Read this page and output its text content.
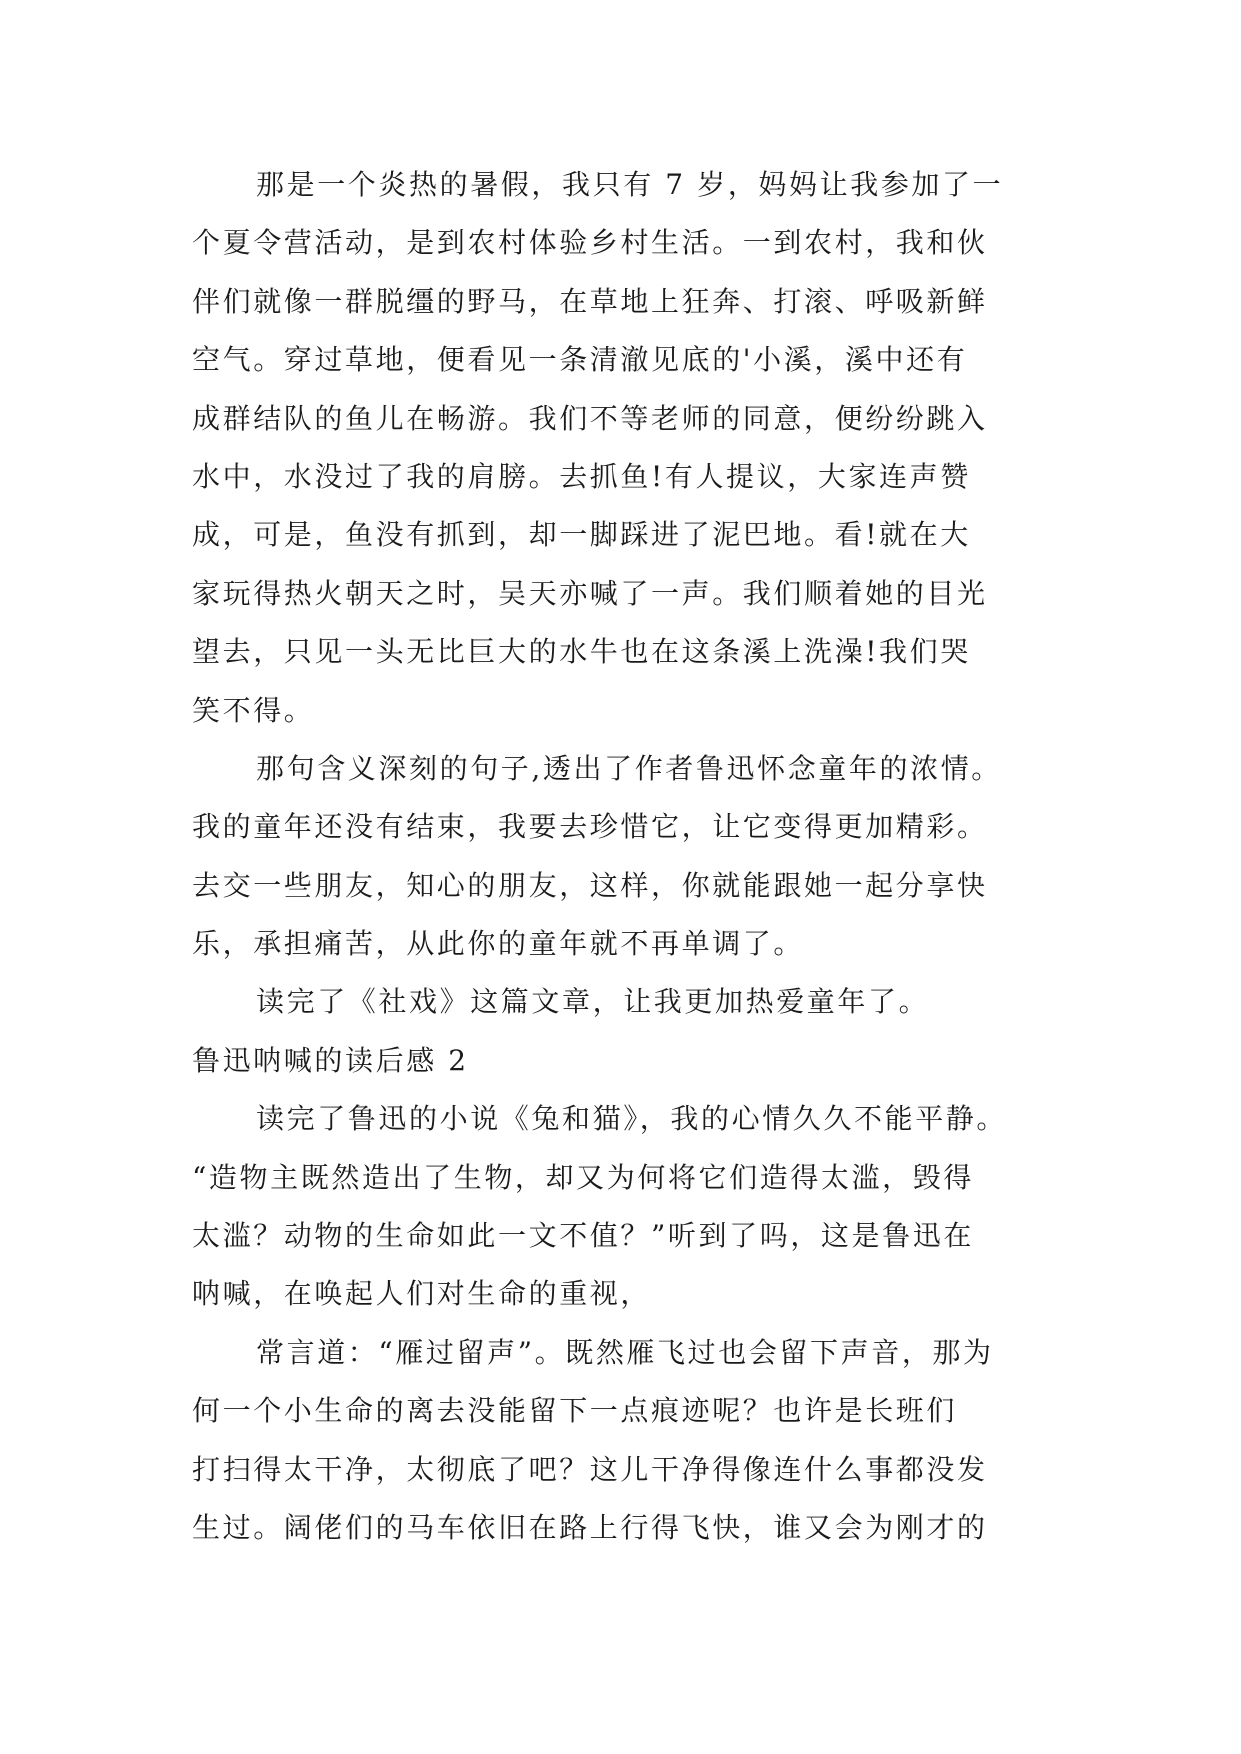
那是一个炎热的暑假，我只有 7 岁，妈妈让我参加了一
个夏令营活动，是到农村体验乡村生活。一到农村，我和伙
伴们就像一群脱缰的野马，在草地上狂奔、打滚、呼吸新鲜
空气。穿过草地，便看见一条清澈见底的'小溪，溪中还有
成群结队的鱼儿在畅游。我们不等老师的同意，便纷纷跳入
水中，水没过了我的肩膀。去抓鱼!有人提议，大家连声赞
成，可是，鱼没有抓到，却一脚踩进了泥巴地。看!就在大
家玩得热火朝天之时，吴天亦喊了一声。我们顺着她的目光
望去，只见一头无比巨大的水牛也在这条溪上洗澡!我们哭
笑不得。
那句含义深刻的句子,透出了作者鲁迅怀念童年的浓情。
我的童年还没有结束，我要去珍惜它，让它变得更加精彩。
去交一些朋友，知心的朋友，这样，你就能跟她一起分享快
乐，承担痛苦，从此你的童年就不再单调了。
读完了《社戏》这篇文章，让我更加热爱童年了。
鲁迅呐喊的读后感 2
读完了鲁迅的小说《兔和猫》，我的心情久久不能平静。
“造物主既然造出了生物，却又为何将它们造得太滥，毁得
太滥？动物的生命如此一文不值？”听到了吗，这是鲁迅在
呐喊，在唤起人们对生命的重视，
常言道：“雁过留声”。既然雁飞过也会留下声音，那为
何一个小生命的离去没能留下一点痕迹呢？也许是长班们
打扫得太干净，太彻底了吧？这儿干净得像连什么事都没发
生过。阔佬们的马车依旧在路上行得飞快，谁又会为刚才的
